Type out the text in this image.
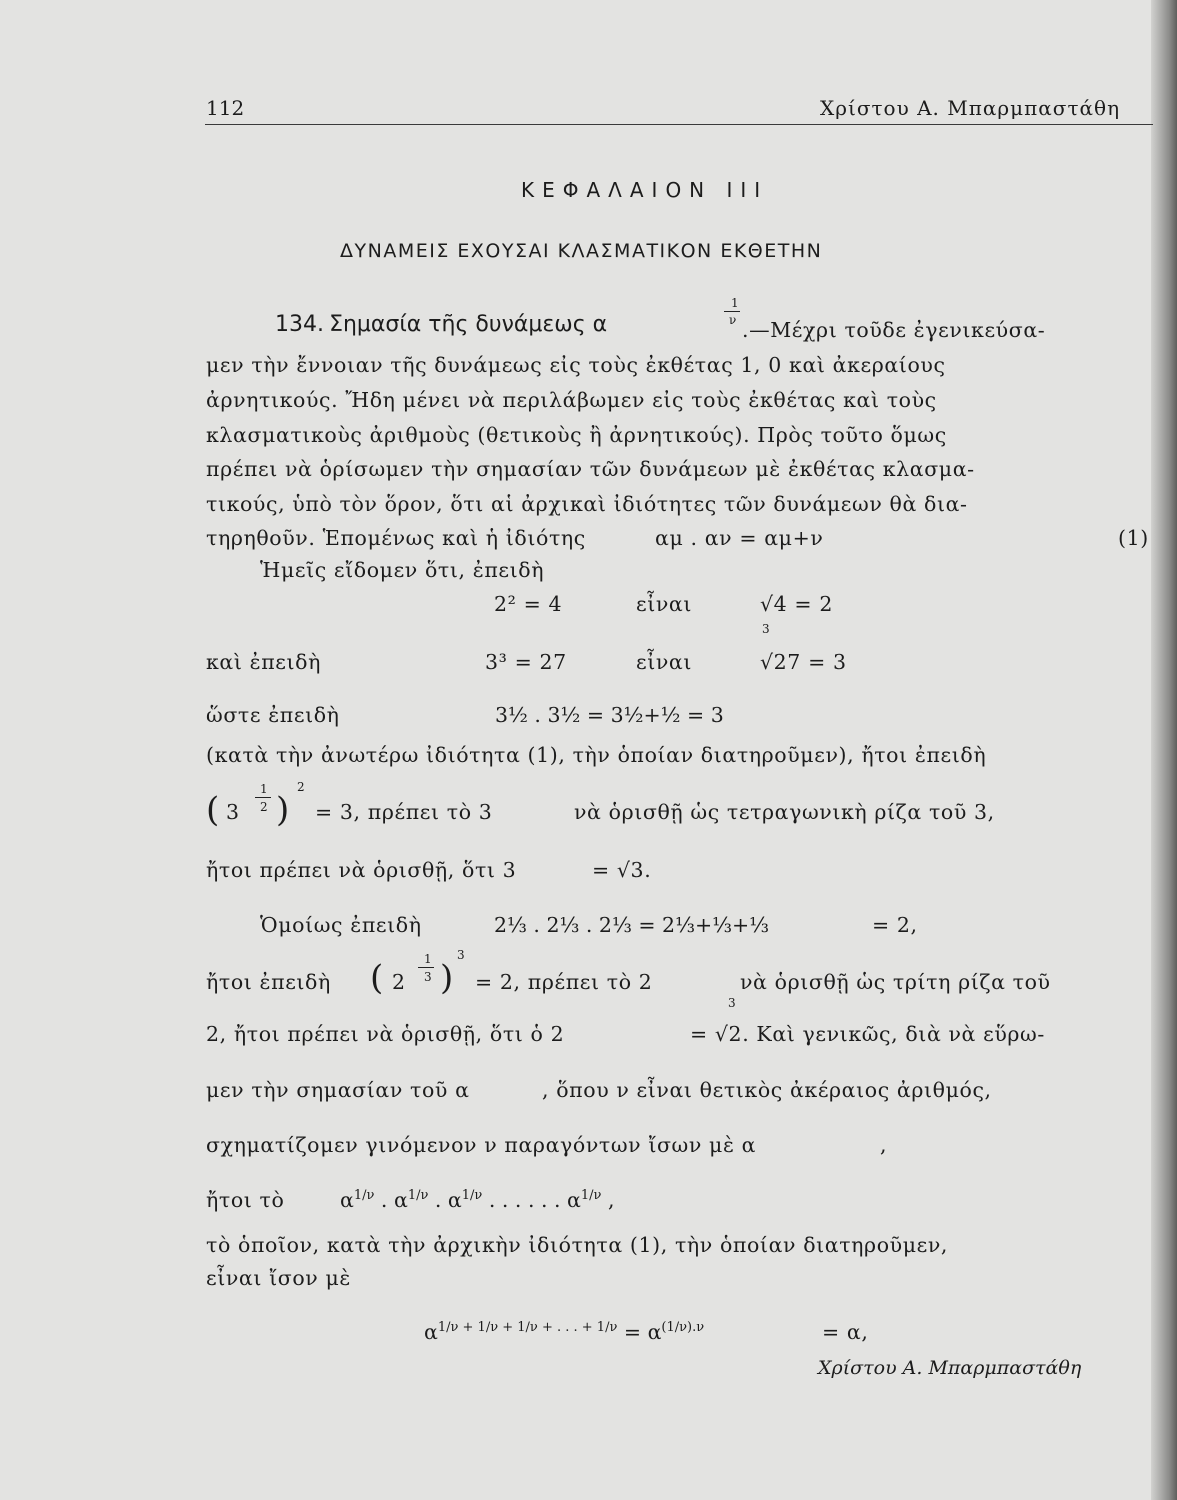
112	Χρίστου Α. Μπαρμπαστάθη
ΚΕΦΑΛΑΙΟΝ III
ΔΥΝΑΜΕΙΣ ΕΧΟΥΣΑΙ ΚΛΑΣΜΑΤΙΚΟΝ ΕΚΘΕΤΗΝ
134. Σημασία τῆς δυνάμεως α
1
ν .—Μέχρι τοῦδε ἐγενικεύσα-
μεν τὴν ἔννοιαν τῆς δυνάμεως εἰς τοὺς ἐκθέτας 1, 0 καὶ ἀκεραίους
ἀρνητικούς. Ἤδη μένει νὰ περιλάβωμεν εἰς τοὺς ἐκθέτας καὶ τοὺς
κλασματικοὺς ἀριθμοὺς (θετικοὺς ἢ ἀρνητικούς). Πρὸς τοῦτο ὅμως
πρέπει νὰ ὁρίσωμεν τὴν σημασίαν τῶν δυνάμεων μὲ ἐκθέτας κλασμα-
τικούς, ὑπὸ τὸν ὅρον, ὅτι αἱ ἀρχικαὶ ἰδιότητες τῶν δυνάμεων θὰ δια-
τηρηθοῦν. Ἑπομένως καὶ ἡ ἰδιότης	αμ . αν = αμ+ν	(1)
Ἡμεῖς εἴδομεν ὅτι, ἐπειδὴ
2² = 4	εἶναι	√4 = 2
καὶ ἐπειδὴ	3³ = 27	εἶναι
3
√27 = 3
ὥστε ἐπειδὴ	3½ . 3½ = 3½+½ = 3
(κατὰ τὴν ἀνωτέρω ἰδιότητα (1), τὴν ὁποίαν διατηροῦμεν), ἤτοι ἐπειδὴ
( 3
1
2 )
2
= 3, πρέπει τὸ 3	νὰ ὁρισθῇ ὡς τετραγωνικὴ ρίζα τοῦ 3,
ἤτοι πρέπει νὰ ὁρισθῇ, ὅτι 3	= √3.
Ὁμοίως ἐπειδὴ	2⅓ . 2⅓ . 2⅓ = 2⅓+⅓+⅓	= 2,
ἤτοι ἐπειδὴ ( 2
1
3 )
3
= 2, πρέπει τὸ 2	νὰ ὁρισθῇ ὡς τρίτη ρίζα τοῦ
2, ἤτοι πρέπει νὰ ὁρισθῇ, ὅτι ὁ 2
3
= √2. Καὶ γενικῶς, διὰ νὰ εὕρω-
μεν τὴν σημασίαν τοῦ α	, ὅπου ν εἶναι θετικὸς ἀκέραιος ἀριθμός,
σχηματίζομεν γινόμενον ν παραγόντων ἴσων μὲ α	,
ἤτοι τὸ	$\alpha^{1/\nu}$ . $\alpha^{1/\nu}$ . $\alpha^{1/\nu}$ . . . . . . $\alpha^{1/\nu}$ ,
τὸ ὁποῖον, κατὰ τὴν ἀρχικὴν ἰδιότητα (1), τὴν ὁποίαν διατηροῦμεν,
εἶναι ἴσον μὲ
$\alpha^{1/\nu + 1/\nu + 1/\nu + . . . + 1/\nu} = \alpha^{(1/\nu).\nu}$	= α,
Χρίστου Α. Μπαρμπαστάθη
